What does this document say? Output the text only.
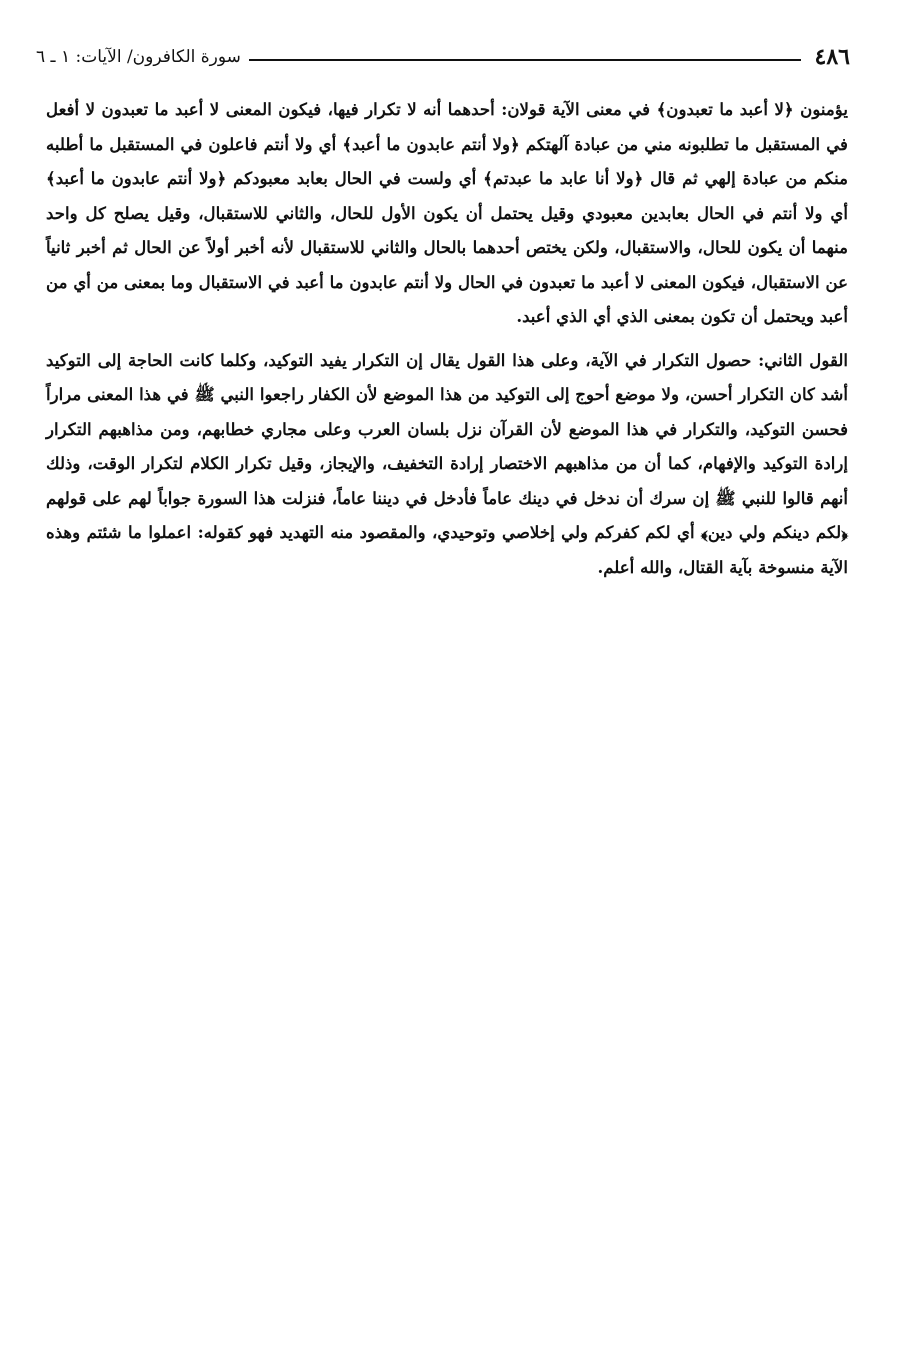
٤٨٦
سورة الكافرون/ الآيات: ١ ـ ٦

يؤمنون ﴿لا أعبد ما تعبدون﴾ في معنى الآية قولان: أحدهما أنه لا تكرار فيها، فيكون المعنى لا أعبد ما تعبدون لا أفعل في المستقبل ما تطلبونه مني من عبادة آلهتكم ﴿ولا أنتم عابدون ما أعبد﴾ أي ولا أنتم فاعلون في المستقبل ما أطلبه منكم من عبادة إلهي ثم قال ﴿ولا أنا عابد ما عبدتم﴾ أي ولست في الحال بعابد معبودكم ﴿ولا أنتم عابدون ما أعبد﴾ أي ولا أنتم في الحال بعابدين معبودي وقيل يحتمل أن يكون الأول للحال، والثاني للاستقبال، وقيل يصلح كل واحد منهما أن يكون للحال، والاستقبال، ولكن يختص أحدهما بالحال والثاني للاستقبال لأنه أخبر أولاً عن الحال ثم أخبر ثانياً عن الاستقبال، فيكون المعنى لا أعبد ما تعبدون في الحال ولا أنتم عابدون ما أعبد في الاستقبال وما بمعنى من أي من أعبد ويحتمل أن تكون بمعنى الذي أي الذي أعبد.

القول الثاني: حصول التكرار في الآية، وعلى هذا القول يقال إن التكرار يفيد التوكيد، وكلما كانت الحاجة إلى التوكيد أشد كان التكرار أحسن، ولا موضع أحوج إلى التوكيد من هذا الموضع لأن الكفار راجعوا النبي ﷺ في هذا المعنى مراراً فحسن التوكيد، والتكرار في هذا الموضع لأن القرآن نزل بلسان العرب وعلى مجاري خطابهم، ومن مذاهبهم التكرار إرادة التوكيد والإفهام، كما أن من مذاهبهم الاختصار إرادة التخفيف، والإيجاز، وقيل تكرار الكلام لتكرار الوقت، وذلك أنهم قالوا للنبي ﷺ إن سرك أن ندخل في دينك عاماً فأدخل في ديننا عاماً، فنزلت هذا السورة جواباً لهم على قولهم ﴿لكم دينكم ولي دين﴾ أي لكم كفركم ولي إخلاصي وتوحيدي، والمقصود منه التهديد فهو كقوله: اعملوا ما شئتم وهذه الآية منسوخة بآية القتال، والله أعلم.
